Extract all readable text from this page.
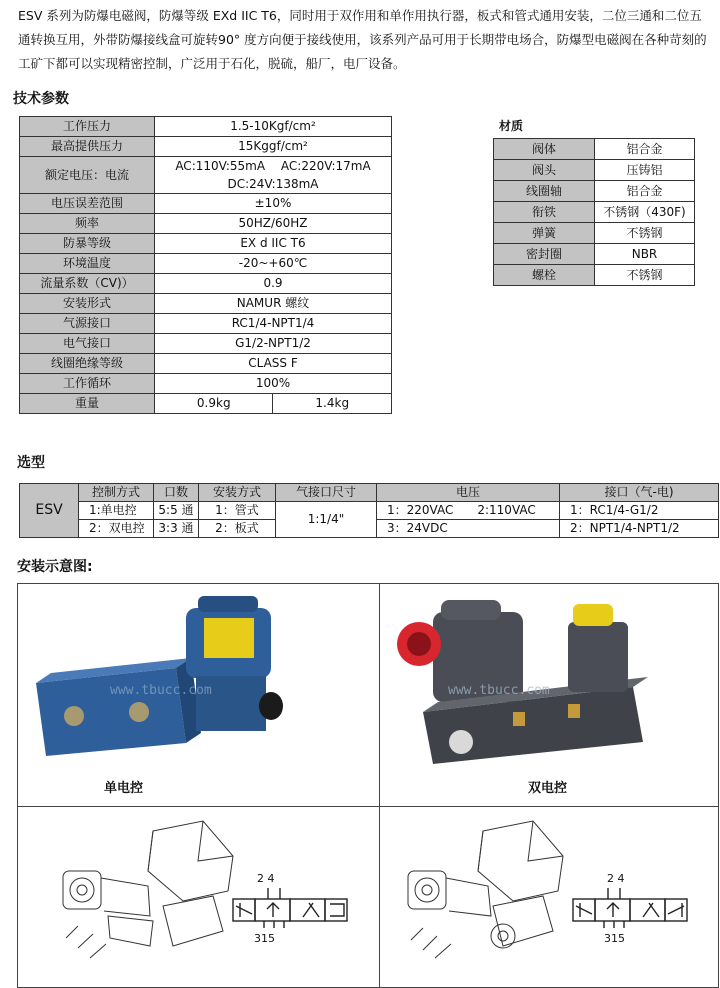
ESV 系列为防爆电磁阀，防爆等级 EXd IIC T6，同时用于双作用和单作用执行器，板式和管式通用安装，二位三通和二位五通转换互用，外带防爆接线盒可旋转90° 度方向便于接线使用，该系列产品可用于长期带电场合，防爆型电磁阀在各种苛刻的工矿下都可以实现精密控制，广泛用于石化，脱硫，船厂，电厂设备。
技术参数
工作压力	1.5-10Kgf/cm²	
最高提供压力	15Kggf/cm²	
额定电压：电流	AC:110V:55mA　 AC:220V:17mA
DC:24V:138mA	

电压误差范围	±10%	
频率	50HZ/60HZ	
防暴等级	EX d IIC T6	
环境温度	-20~+60℃	
流量系数（CV)）	0.9	
安装形式	NAMUR 螺纹	
气源接口	RC1/4-NPT1/4	
电气接口	G1/2-NPT1/2	
线圈绝缘等级	CLASS F	
工作循环	100%	
重量	0.9kg	1.4kg
材质
阀体	铝合金
阀头	压铸铝
线圈轴	铝合金
衔铁	不锈钢（430F)
弹簧	不锈钢
密封圈	NBR
螺栓	不锈钢
选型
ESV	控制方式	口数	安装方式	气接口尺寸	电压	接口（气-电)
	1:单电控	5:5 通	1：管式	1:1/4"	1：220VAC　　2:110VAC	1：RC1/4-G1/2
	2：双电控	3:3 通	2：板式		3：24VDC	2：NPT1/4-NPT1/2
安装示意图:
www.tbucc.com
单电控
www.tbucc.com
双电控
2 4
315
2 4
315
